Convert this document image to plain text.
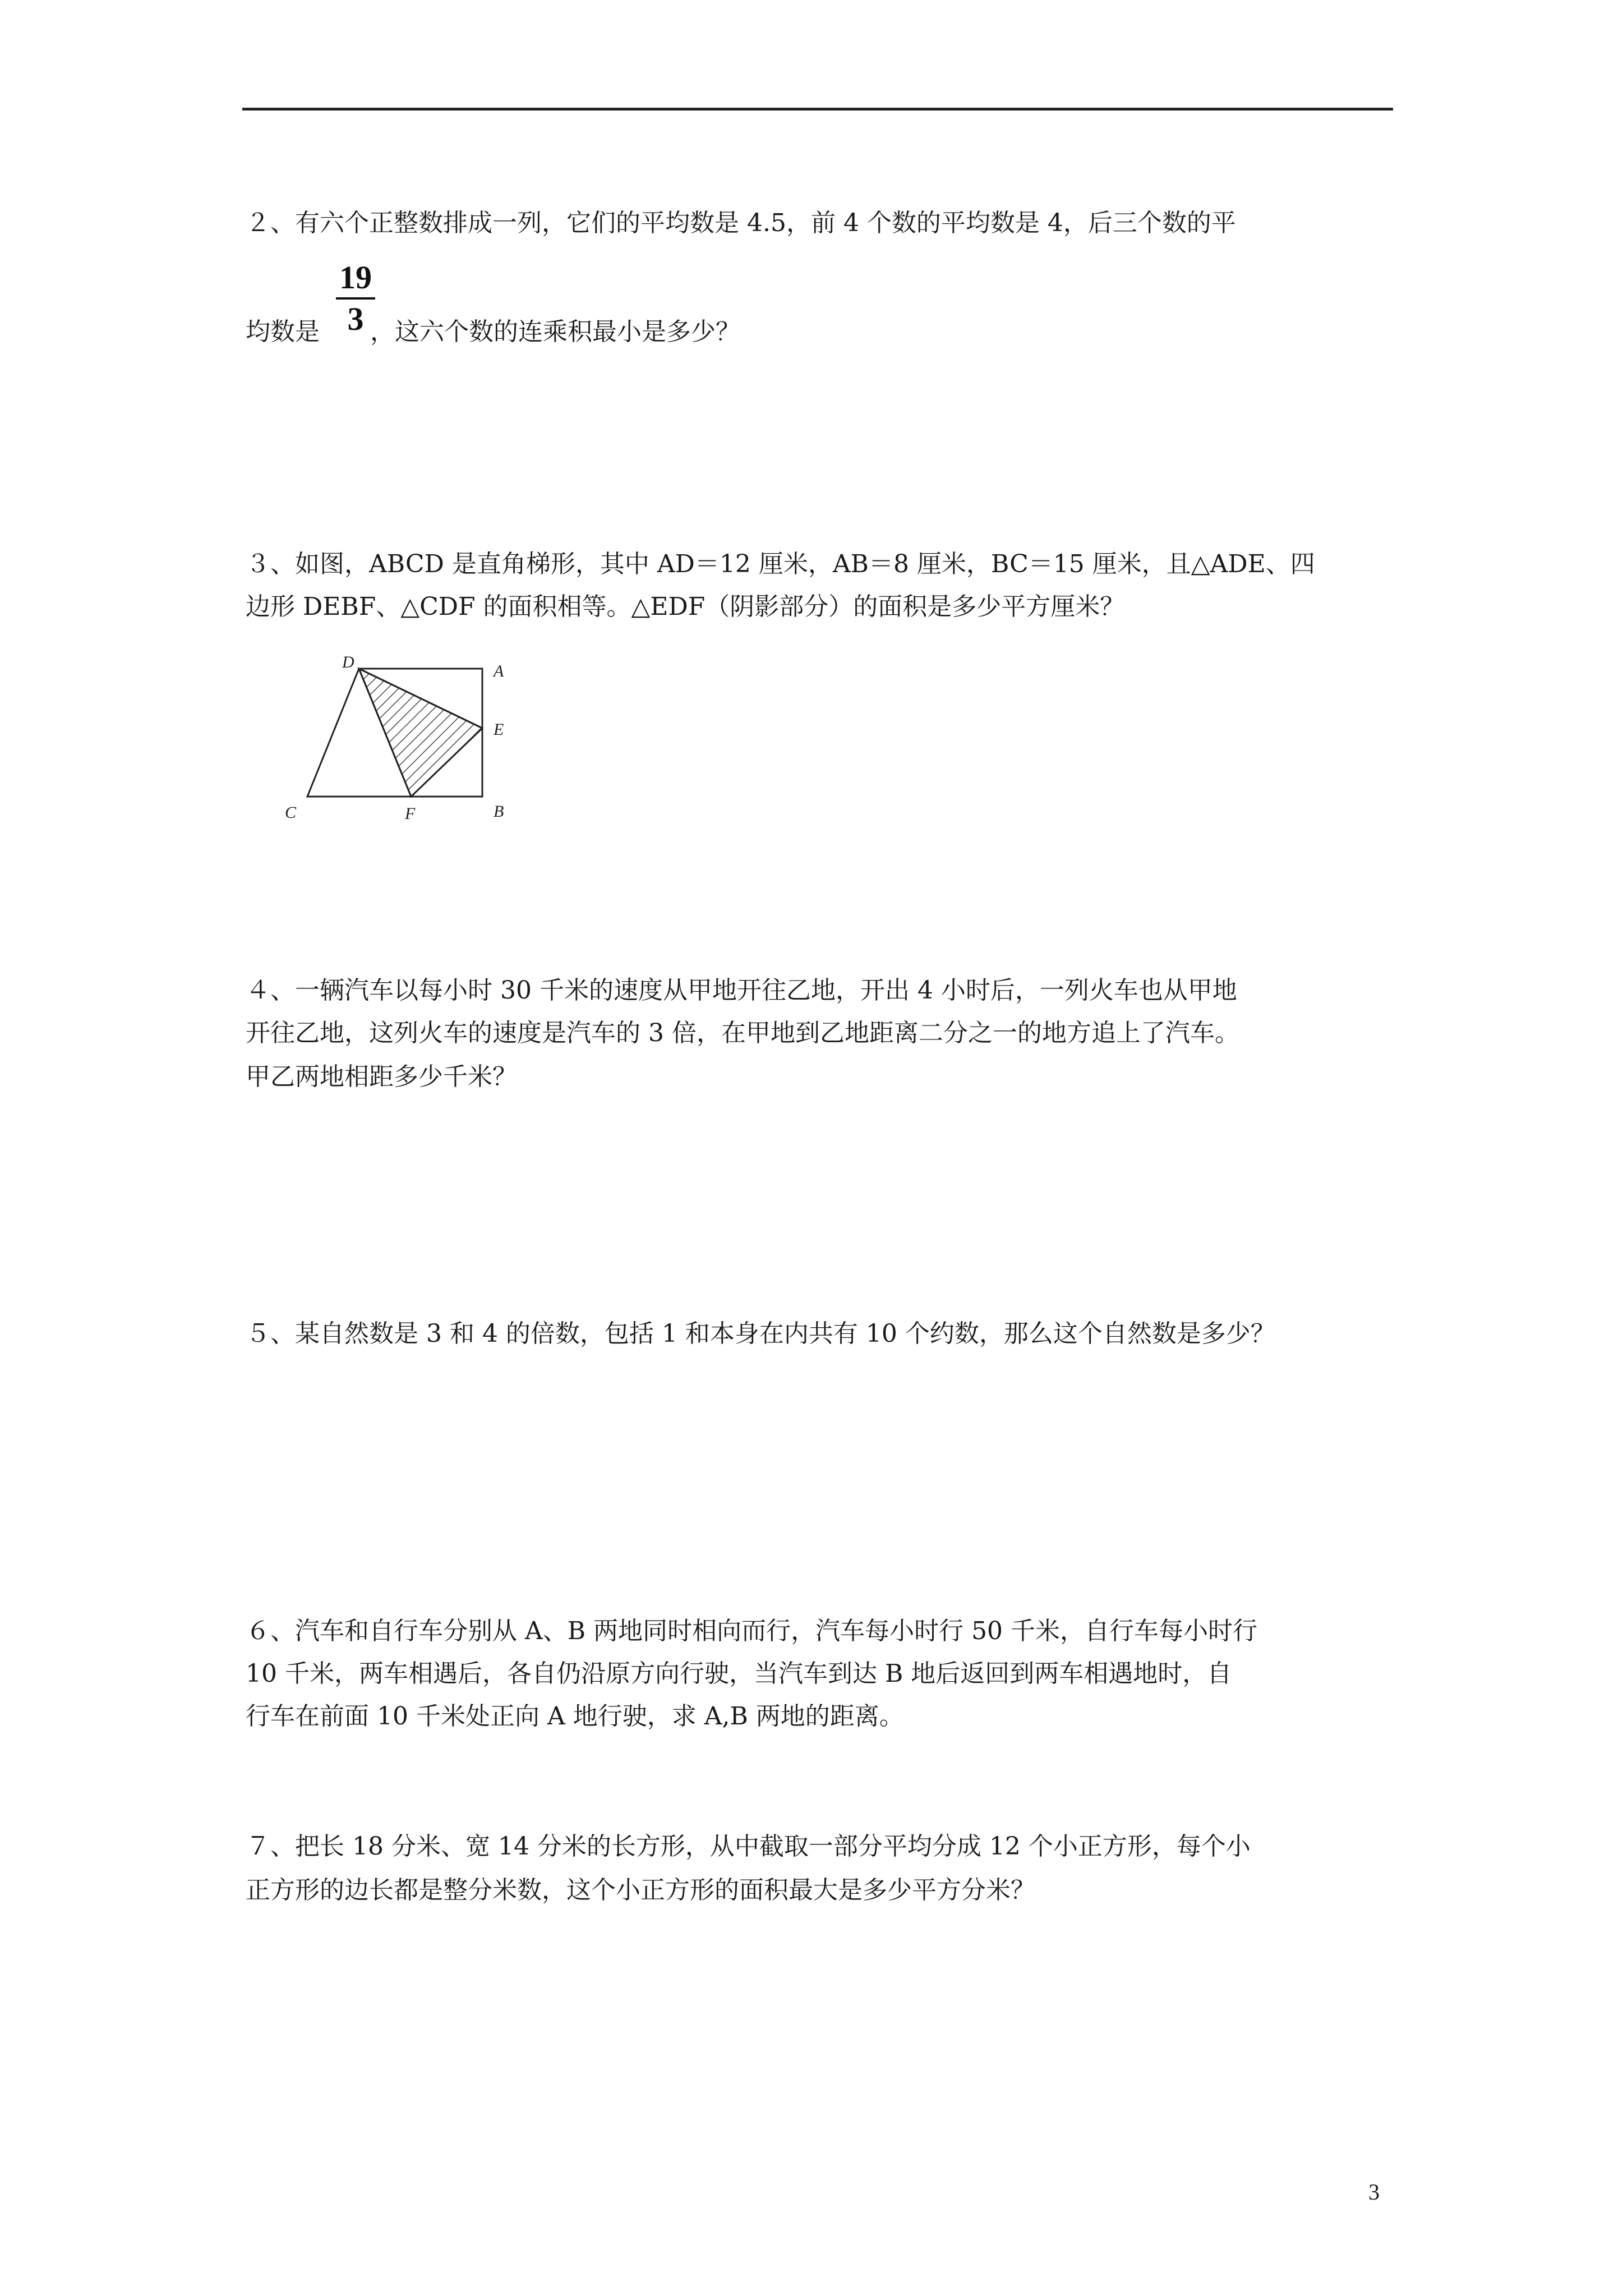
２、有六个正整数排成一列，它们的平均数是 4.5，前 4 个数的平均数是 4，后三个数的平
19
3
均数是 ，这六个数的连乘积最小是多少？
３、如图，ABCD 是直角梯形，其中 AD＝12 厘米，AB＝8 厘米，BC＝15 厘米，且△ADE、四
边形 DEBF、△CDF 的面积相等。△EDF（阴影部分）的面积是多少平方厘米？
D	A
E
C	F	B
４、一辆汽车以每小时 30 千米的速度从甲地开往乙地，开出 4 小时后，一列火车也从甲地
开往乙地，这列火车的速度是汽车的 3 倍，在甲地到乙地距离二分之一的地方追上了汽车。
甲乙两地相距多少千米？
５、某自然数是 3 和 4 的倍数，包括 1 和本身在内共有 10 个约数，那么这个自然数是多少？
６、汽车和自行车分别从 A、B 两地同时相向而行，汽车每小时行 50 千米，自行车每小时行
10 千米，两车相遇后，各自仍沿原方向行驶，当汽车到达 B 地后返回到两车相遇地时，自
行车在前面 10 千米处正向 A 地行驶，求 A,B 两地的距离。
７、把长 18 分米、宽 14 分米的长方形，从中截取一部分平均分成 12 个小正方形，每个小
正方形的边长都是整分米数，这个小正方形的面积最大是多少平方分米？
3
